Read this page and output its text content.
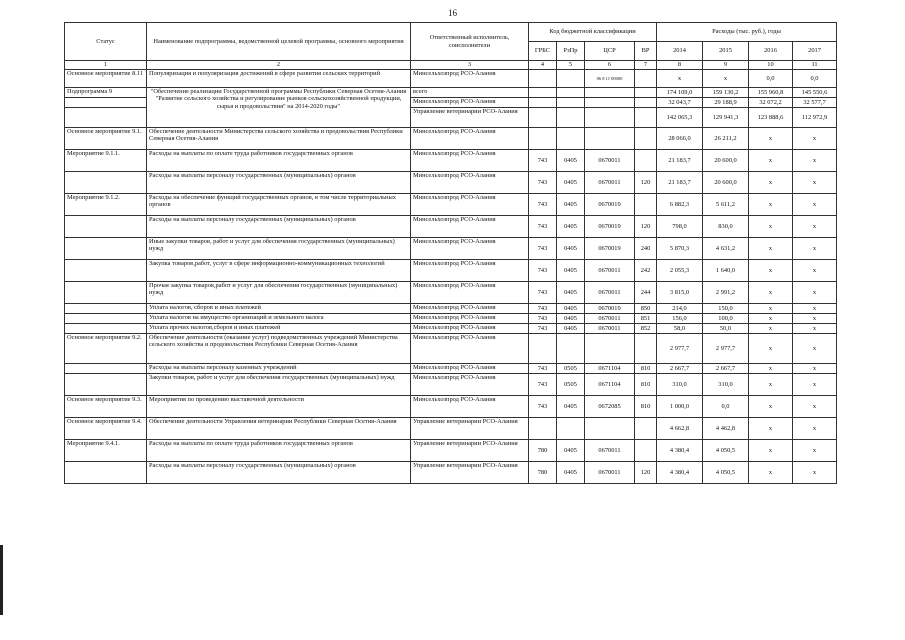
16
Статус	Наименование подпрограммы, ведомственной целевой программы, основного мероприятия	Ответственный исполнитель, соисполнители	Код бюджетной классификации				Расходы (тыс. руб.), годы			
			ГРБС	РзПр	ЦСР	ВР	2014	2015	2016	2017
1	2	3	4	5	6	7	8	9	10	11
Основное мероприятие 8.11	Популяризация и популяризация достижений в сфере развития сельских территорий	Минсельхозпрод РСО-Алания			06 8 11 00000		х	х	0,0	0,0
Подпрограмма 9	"Обеспечение реализации Государственной программы Республики Северная Осетия-Алания "Развитие сельского хозяйства и регулирование рынков сельскохозяйственной продукции, сырья и продовольствия" на 2014-2020 годы"	всего					174 109,0	159 130,2	155 960,8	145 550,6
		Минсельхозпрод РСО-Алания					32 043,7	29 188,9	32 072,2	32 577,7
		Управление ветеринарии РСО-Алания					142 065,3	129 941,3	123 888,6	112 972,9
Основное мероприятие 9.1.	Обеспечение деятельности Министерства сельского хозяйства и продовольствия Республики Северная Осетия-Алания	Минсельхозпрод РСО-Алания					28 066,0	26 211,2	х	х
Мероприятие 9.1.1.	Расходы на выплаты по оплате труда работников государственных органов	Минсельхозпрод РСО-Алания	743	0405	0670011		21 183,7	20 600,0	х	х
	Расходы на выплаты персоналу государственных (муниципальных) органов	Минсельхозпрод РСО-Алания	743	0405	0670011	120	21 183,7	20 600,0	х	х
Мероприятие 9.1.2.	Расходы на обеспечение функций государственных органов, в том числе территориальных органов	Минсельхозпрод РСО-Алания	743	0405	0670019		6 882,3	5 611,2	х	х
	Расходы на выплаты персоналу государственных (муниципальных) органов	Минсельхозпрод РСО-Алания	743	0405	0670019	120	798,0	830,0	х	х
	Иные закупки товаров, работ и услуг для обеспечения государственных (муниципальных) нужд	Минсельхозпрод РСО-Алания	743	0405	0670019	240	5 870,3	4 631,2	х	х
	Закупка товаров,работ, услуг в сфере информационно-коммуникационных технологий	Минсельхозпрод РСО-Алания	743	0405	0670011	242	2 055,3	1 640,0	х	х
	Прочая закупка товаров,работ и услуг для обеспечения государственных (муниципальных) нужд	Минсельхозпрод РСО-Алания	743	0405	0670011	244	3 815,0	2 991,2	х	х
	Уплата налогов, сборов и иных платежей	Минсельхозпрод РСО-Алания	743	0405	0670019	850	214,0	150,0	х	х
	Уплата налогов на имущество организаций и земельного налога	Минсельхозпрод РСО-Алания	743	0405	0670011	851	156,0	100,0	х	х
	Уплата прочих налогов,сборов и иных платежей	Минсельхозпрод РСО-Алания	743	0405	0670011	852	58,0	50,0	х	х
Основное мероприятие 9.2.	Обеспечение деятельности (оказание услуг) подведомственных учреждений Министерства сельского хозяйства и продовольствия Республики Северная Осетия-Алания	Минсельхозпрод РСО-Алания					2 977,7	2 977,7	х	х
	Расходы на выплаты персоналу казенных учреждений	Минсельхозпрод РСО-Алания	743	0505	0671104	810	2 667,7	2 667,7	х	х
	Закупки товаров, работ и услуг для обеспечения государственных (муниципальных) нужд	Минсельхозпрод РСО-Алания	743	0505	0671104	810	310,0	310,0	х	х
Основное мероприятие 9.3.	Мероприятия по проведению выставочной деятельности	Минсельхозпрод РСО-Алания	743	0405	0672085	810	1 000,0	0,0	х	х
Основное мероприятие 9.4.	Обеспечение деятельности Управления ветеринарии Республики Северная Осетия-Алания	Управление ветеринарии РСО-Алания					4 662,8	4 462,8	х	х
Мероприятие 9.4.1.	Расходы на выплаты по оплате труда работников государственных органов	Управление ветеринарии РСО-Алания	780	0405	0670011		4 380,4	4 050,5	х	х
	Расходы на выплаты персоналу государственных (муниципальных) органов	Управление ветеринарии РСО-Алания	780	0405	0670011	120	4 380,4	4 050,5	х	х
